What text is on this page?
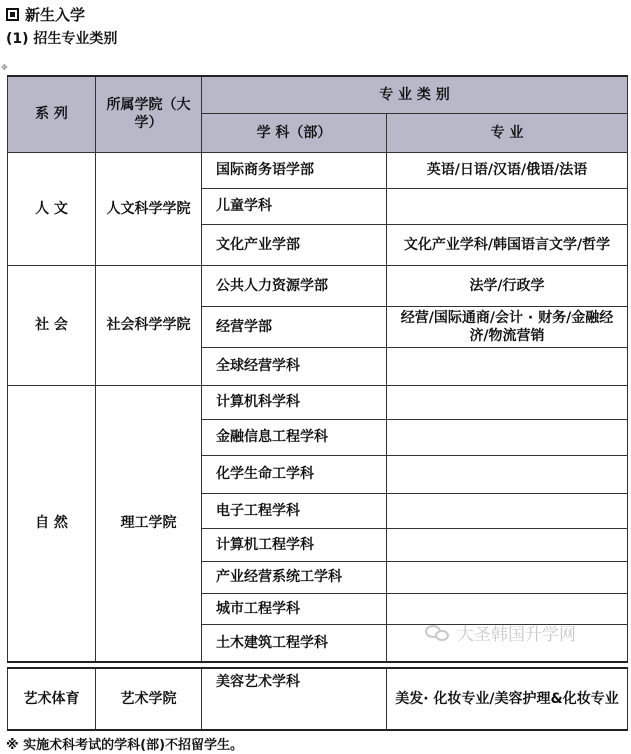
新生入学
(1) 招生专业类别
✥
系 列	所属学院（大学）	专 业 类 别	
		学 科（部）	专 业
人 文	人文科学学院	国际商务语学部	英语/日语/汉语/俄语/法语
		儿童学科	
		文化产业学部	文化产业学科/韩国语言文学/哲学
社 会	社会科学学院	公共人力资源学部	法学/行政学
		经营学部	经营/国际通商/会计 · 财务/金融经济/物流营销
		全球经营学科	
自 然	理工学院	计算机科学科	
		金融信息工程学科	
		化学生命工学科	
		电子工程学科	
		计算机工程学科	
		产业经营系统工学科	
		城市工程学科	
		土木建筑工程学科	

艺术体育	艺术学院	美容艺术学科	美发· 化妆专业/美容护理&化妆专业
大圣韩国升学网
※ 实施术科考试的学科(部)不招留学生。
